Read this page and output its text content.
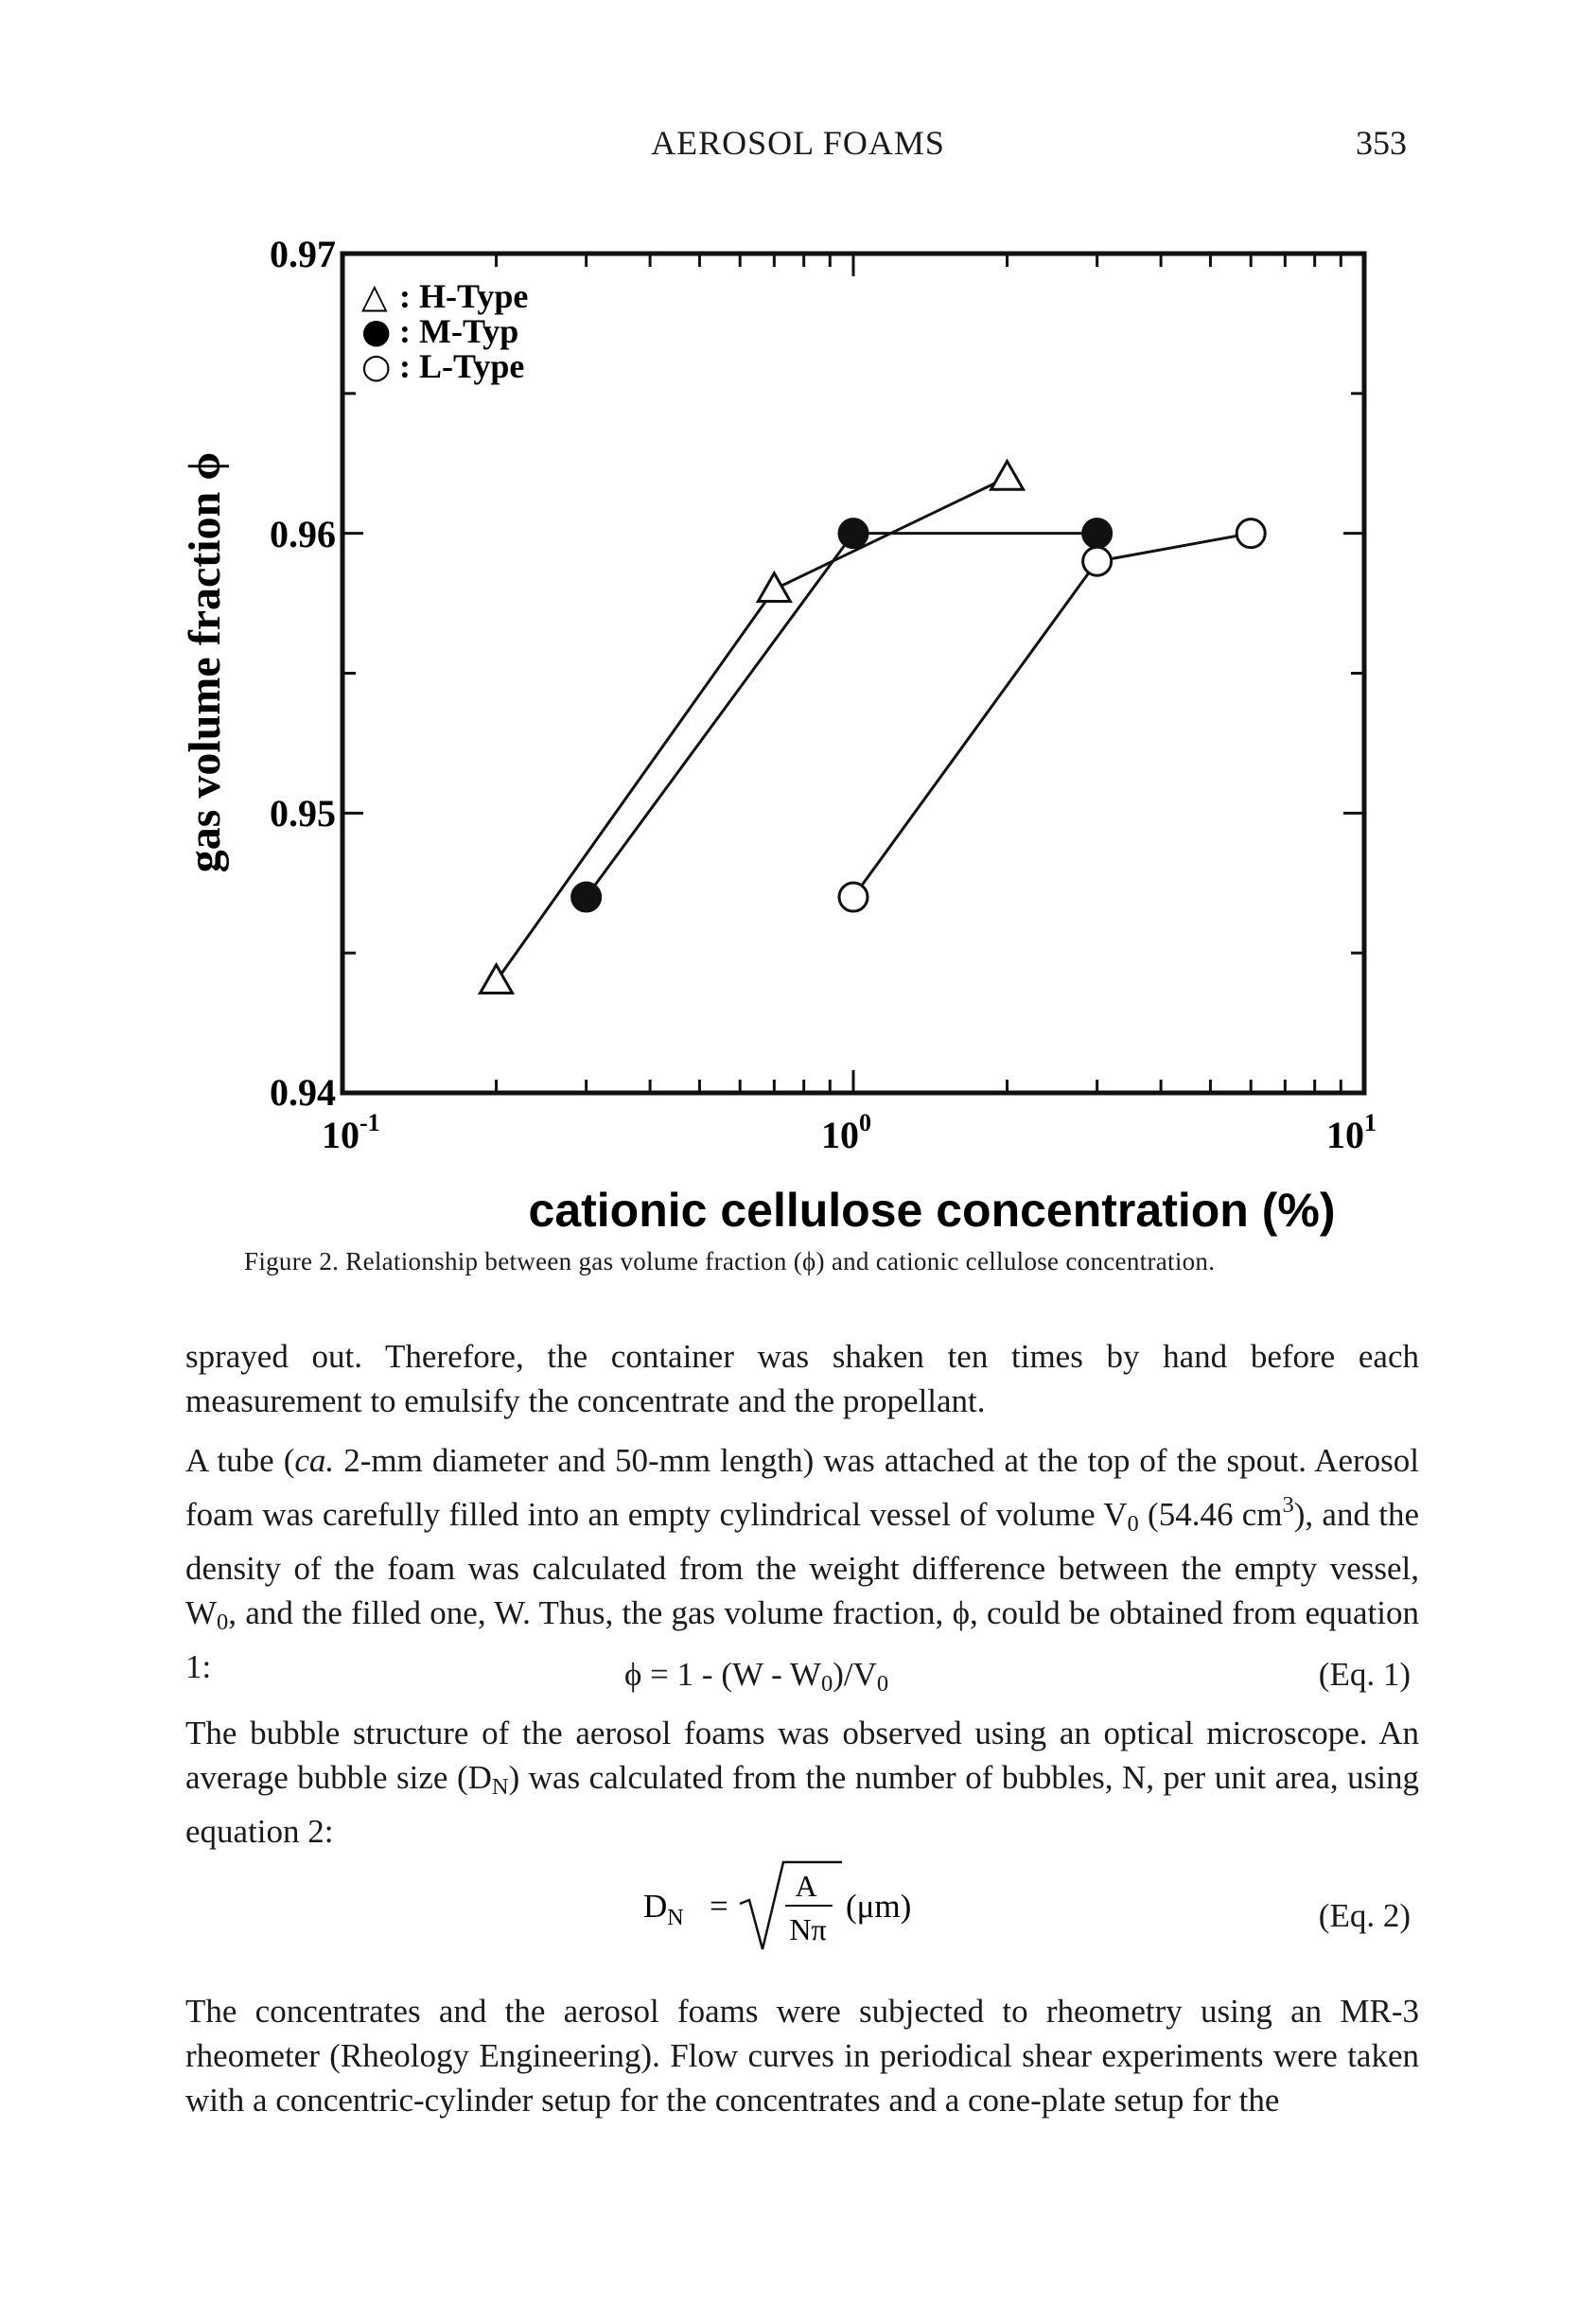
AEROSOL FOAMS	353
gas volume fraction ϕ
cationic cellulose concentration (%)
0.97
0.96
0.95
0.94
$10^{-1}$	$10^0$	$10^1$
△ : H-Type
● : M-Typ
○ : L-Type
Figure 2. Relationship between gas volume fraction (ϕ) and cationic cellulose concentration.

sprayed out. Therefore, the container was shaken ten times by hand before each measurement to emulsify the concentrate and the propellant.

A tube (ca. 2-mm diameter and 50-mm length) was attached at the top of the spout. Aerosol foam was carefully filled into an empty cylindrical vessel of volume $V_0$ (54.46 $cm^3$), and the density of the foam was calculated from the weight difference between the empty vessel, $W_0$, and the filled one, W. Thus, the gas volume fraction, ϕ, could be obtained from equation 1:	$\phi = 1 - (W - W_0)/V_0$	(Eq. 1)

The bubble structure of the aerosol foams was observed using an optical microscope. An average bubble size $(D_N)$ was calculated from the number of bubbles, N, per unit area, using equation 2:

$D_N$ =
A
Nπ
(μm)	(Eq. 2)

The concentrates and the aerosol foams were subjected to rheometry using an MR-3 rheometer (Rheology Engineering). Flow curves in periodical shear experiments were taken with a concentric-cylinder setup for the concentrates and a cone-plate setup for the
